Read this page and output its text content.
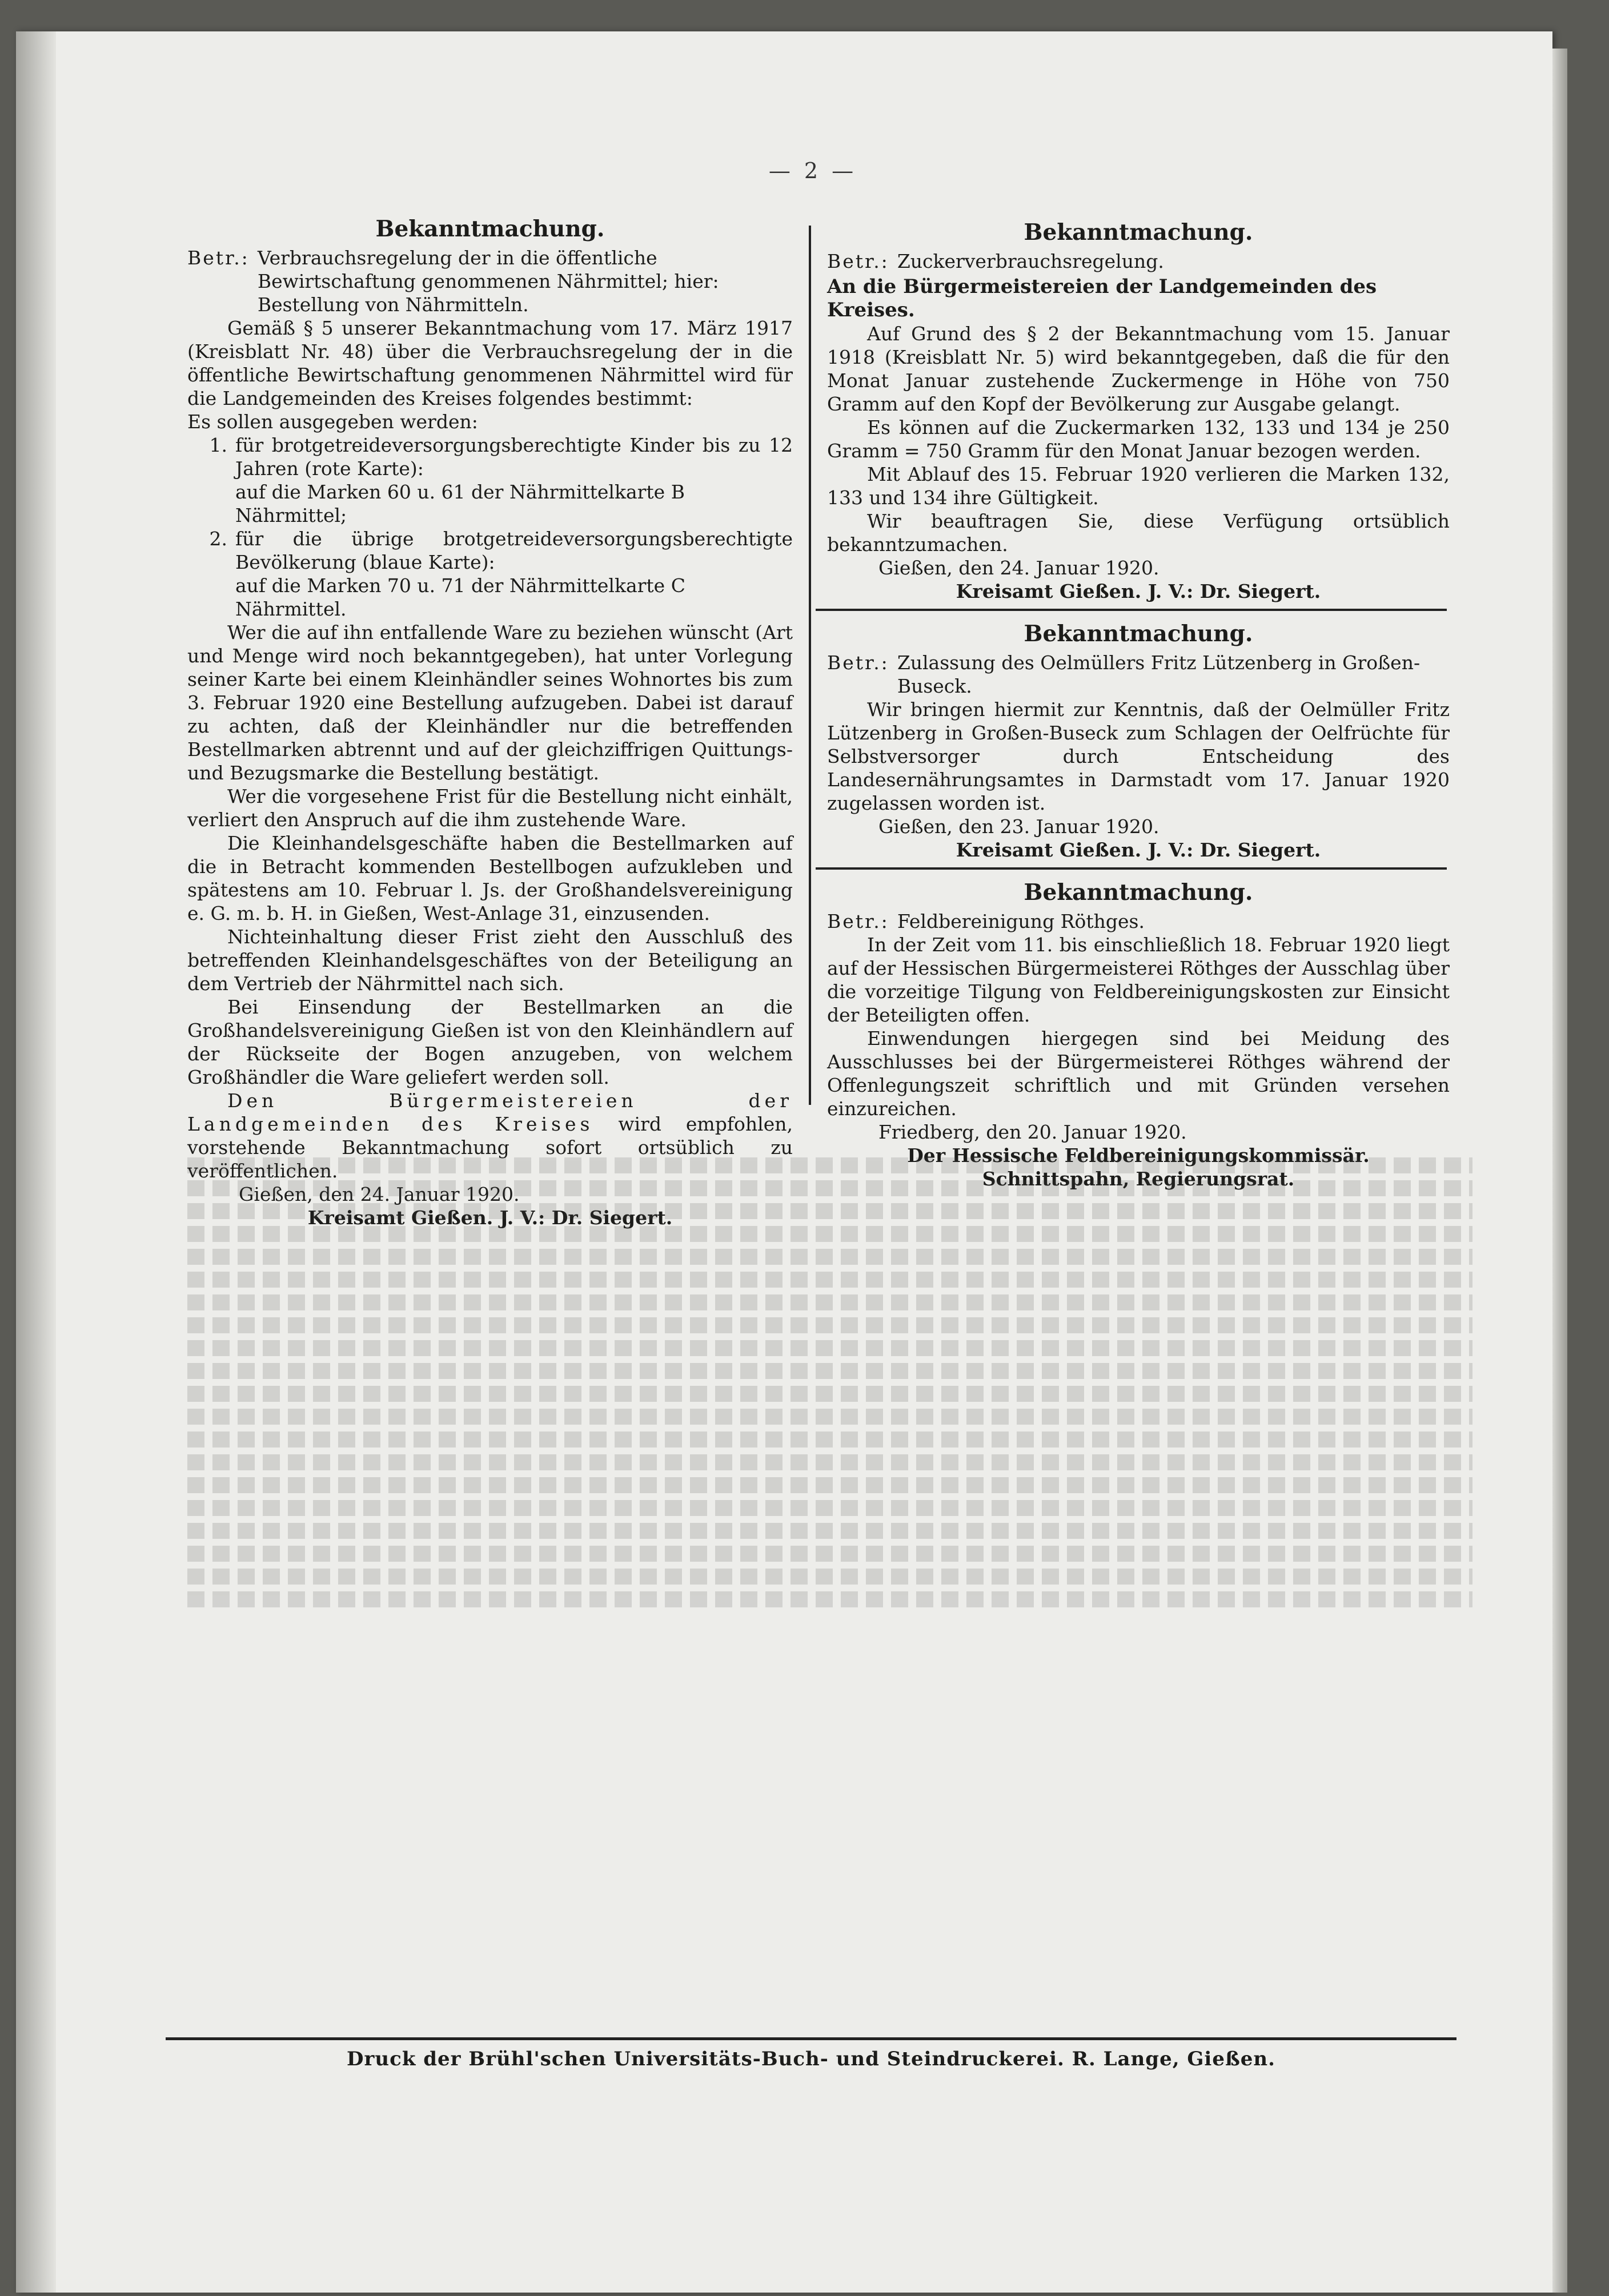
— 2 —
Bekanntmachung.
Betr.: Verbrauchsregelung der in die öffentliche Bewirtschaftung genommenen Nährmittel; hier: Bestellung von Nährmitteln.

Gemäß § 5 unserer Bekanntmachung vom 17. März 1917 (Kreisblatt Nr. 48) über die Verbrauchsregelung der in die öffentliche Bewirtschaftung genommenen Nährmittel wird für die Landgemeinden des Kreises folgendes bestimmt:

Es sollen ausgegeben werden:

1. für brotgetreideversorgungsberechtigte Kinder bis zu 12 Jahren (rote Karte):

auf die Marken 60 u. 61 der Nährmittelkarte B Nährmittel;

2. für die übrige brotgetreideversorgungsberechtigte Bevölkerung (blaue Karte):

auf die Marken 70 u. 71 der Nährmittelkarte C Nährmittel.

Wer die auf ihn entfallende Ware zu beziehen wünscht (Art und Menge wird noch bekanntgegeben), hat unter Vorlegung seiner Karte bei einem Kleinhändler seines Wohnortes bis zum 3. Februar 1920 eine Bestellung aufzugeben. Dabei ist darauf zu achten, daß der Kleinhändler nur die betreffenden Bestellmarken abtrennt und auf der gleichziffrigen Quittungs- und Bezugsmarke die Bestellung bestätigt.

Wer die vorgesehene Frist für die Bestellung nicht einhält, verliert den Anspruch auf die ihm zustehende Ware.

Die Kleinhandelsgeschäfte haben die Bestellmarken auf die in Betracht kommenden Bestellbogen aufzukleben und spätestens am 10. Februar l. Js. der Großhandelsvereinigung e. G. m. b. H. in Gießen, West-Anlage 31, einzusenden.

Nichteinhaltung dieser Frist zieht den Ausschluß des betreffenden Kleinhandelsgeschäftes von der Beteiligung an dem Vertrieb der Nährmittel nach sich.

Bei Einsendung der Bestellmarken an die Großhandelsvereinigung Gießen ist von den Kleinhändlern auf der Rückseite der Bogen anzugeben, von welchem Großhändler die Ware geliefert werden soll.

Den Bürgermeistereien der Landgemeinden des Kreises wird empfohlen, vorstehende Bekanntmachung sofort ortsüblich zu veröffentlichen.

Gießen, den 24. Januar 1920.

Kreisamt Gießen. J. V.: Dr. Siegert.

Bekanntmachung.
Betr.: Zuckerverbrauchsregelung.

An die Bürgermeistereien der Landgemeinden des Kreises.

Auf Grund des § 2 der Bekanntmachung vom 15. Januar 1918 (Kreisblatt Nr. 5) wird bekanntgegeben, daß die für den Monat Januar zustehende Zuckermenge in Höhe von 750 Gramm auf den Kopf der Bevölkerung zur Ausgabe gelangt.

Es können auf die Zuckermarken 132, 133 und 134 je 250 Gramm = 750 Gramm für den Monat Januar bezogen werden.

Mit Ablauf des 15. Februar 1920 verlieren die Marken 132, 133 und 134 ihre Gültigkeit.

Wir beauftragen Sie, diese Verfügung ortsüblich bekanntzumachen.

Gießen, den 24. Januar 1920.

Kreisamt Gießen. J. V.: Dr. Siegert.

Bekanntmachung.
Betr.: Zulassung des Oelmüllers Fritz Lützenberg in Großen-Buseck.

Wir bringen hiermit zur Kenntnis, daß der Oelmüller Fritz Lützenberg in Großen-Buseck zum Schlagen der Oelfrüchte für Selbstversorger durch Entscheidung des Landesernährungsamtes in Darmstadt vom 17. Januar 1920 zugelassen worden ist.

Gießen, den 23. Januar 1920.

Kreisamt Gießen. J. V.: Dr. Siegert.

Bekanntmachung.
Betr.: Feldbereinigung Röthges.

In der Zeit vom 11. bis einschließlich 18. Februar 1920 liegt auf der Hessischen Bürgermeisterei Röthges der Ausschlag über die vorzeitige Tilgung von Feldbereinigungskosten zur Einsicht der Beteiligten offen.

Einwendungen hiergegen sind bei Meidung des Ausschlusses bei der Bürgermeisterei Röthges während der Offenlegungszeit schriftlich und mit Gründen versehen einzureichen.

Friedberg, den 20. Januar 1920.

Der Hessische Feldbereinigungskommissär.

Schnittspahn, Regierungsrat.

Druck der Brühl'schen Universitäts-Buch- und Steindruckerei. R. Lange, Gießen.
